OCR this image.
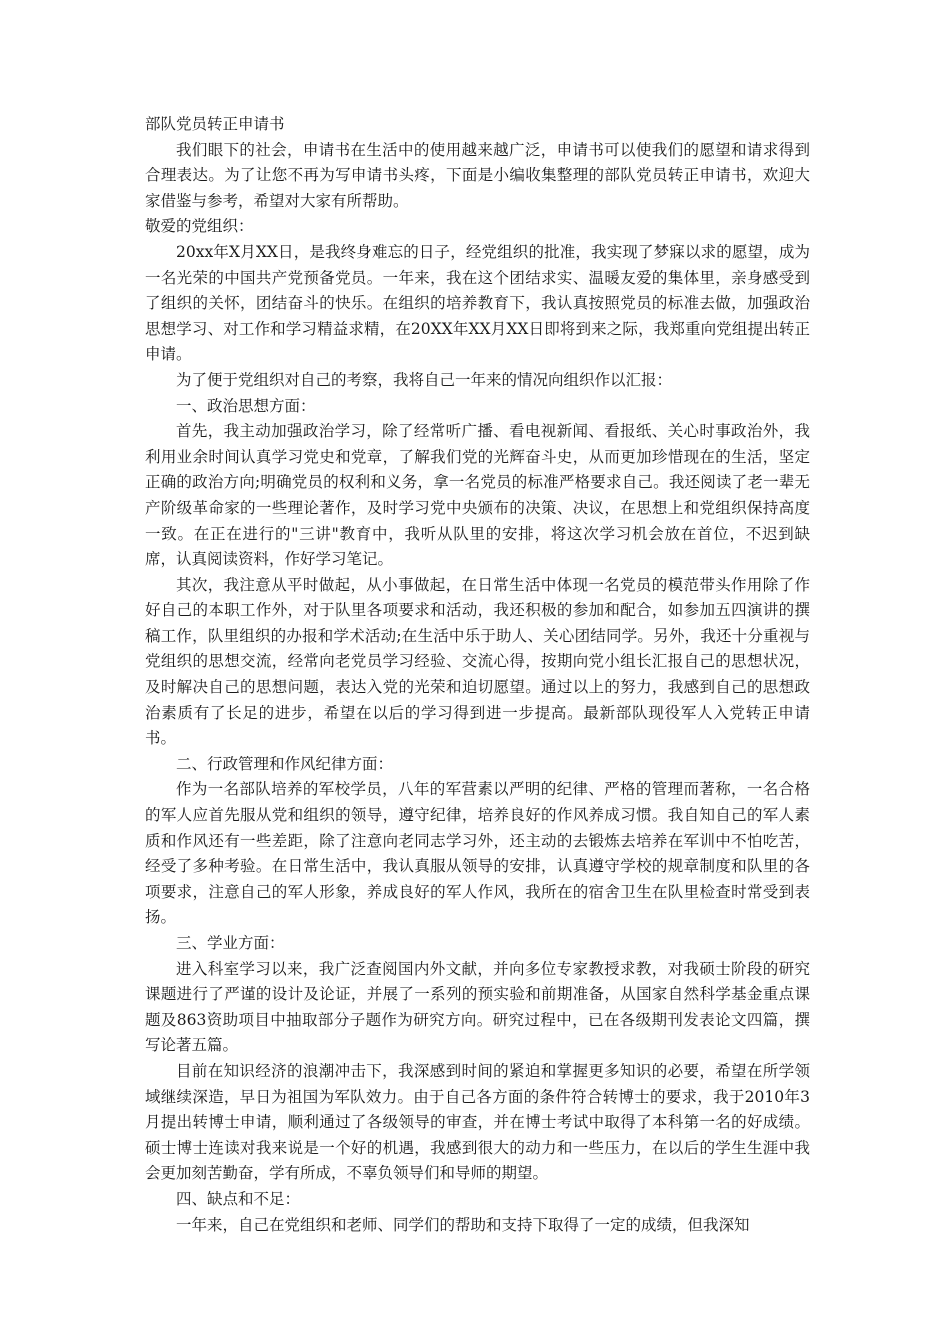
部队党员转正申请书

我们眼下的社会，申请书在生活中的使用越来越广泛，申请书可以使我们的愿望和请求得到合理表达。为了让您不再为写申请书头疼，下面是小编收集整理的部队党员转正申请书，欢迎大家借鉴与参考，希望对大家有所帮助。

敬爱的党组织：

20xx年X月XX日，是我终身难忘的日子，经党组织的批准，我实现了梦寐以求的愿望，成为一名光荣的中国共产党预备党员。一年来，我在这个团结求实、温暖友爱的集体里，亲身感受到了组织的关怀，团结奋斗的快乐。在组织的培养教育下，我认真按照党员的标准去做，加强政治思想学习、对工作和学习精益求精，在20XX年XX月XX日即将到来之际，我郑重向党组提出转正申请。

为了便于党组织对自己的考察，我将自己一年来的情况向组织作以汇报：

一、政治思想方面：

首先，我主动加强政治学习，除了经常听广播、看电视新闻、看报纸、关心时事政治外，我利用业余时间认真学习党史和党章，了解我们党的光辉奋斗史，从而更加珍惜现在的生活，坚定正确的政治方向;明确党员的权利和义务，拿一名党员的标准严格要求自己。我还阅读了老一辈无产阶级革命家的一些理论著作，及时学习党中央颁布的决策、决议，在思想上和党组织保持高度一致。在正在进行的"三讲"教育中，我听从队里的安排，将这次学习机会放在首位，不迟到缺席，认真阅读资料，作好学习笔记。

其次，我注意从平时做起，从小事做起，在日常生活中体现一名党员的模范带头作用除了作好自己的本职工作外，对于队里各项要求和活动，我还积极的参加和配合，如参加五四演讲的撰稿工作，队里组织的办报和学术活动;在生活中乐于助人、关心团结同学。另外，我还十分重视与党组织的思想交流，经常向老党员学习经验、交流心得，按期向党小组长汇报自己的思想状况，及时解决自己的思想问题，表达入党的光荣和迫切愿望。通过以上的努力，我感到自己的思想政治素质有了长足的进步，希望在以后的学习得到进一步提高。最新部队现役军人入党转正申请书。

二、行政管理和作风纪律方面：

作为一名部队培养的军校学员，八年的军营素以严明的纪律、严格的管理而著称，一名合格的军人应首先服从党和组织的领导，遵守纪律，培养良好的作风养成习惯。我自知自己的军人素质和作风还有一些差距，除了注意向老同志学习外，还主动的去锻炼去培养在军训中不怕吃苦，经受了多种考验。在日常生活中，我认真服从领导的安排，认真遵守学校的规章制度和队里的各项要求，注意自己的军人形象，养成良好的军人作风，我所在的宿舍卫生在队里检查时常受到表扬。

三、学业方面：

进入科室学习以来，我广泛查阅国内外文献，并向多位专家教授求教，对我硕士阶段的研究课题进行了严谨的设计及论证，并展了一系列的预实验和前期准备，从国家自然科学基金重点课题及863资助项目中抽取部分子题作为研究方向。研究过程中，已在各级期刊发表论文四篇，撰写论著五篇。

目前在知识经济的浪潮冲击下，我深感到时间的紧迫和掌握更多知识的必要，希望在所学领域继续深造，早日为祖国为军队效力。由于自己各方面的条件符合转博士的要求，我于2010年3月提出转博士申请，顺利通过了各级领导的审查，并在博士考试中取得了本科第一名的好成绩。硕士博士连读对我来说是一个好的机遇，我感到很大的动力和一些压力，在以后的学生生涯中我会更加刻苦勤奋，学有所成，不辜负领导们和导师的期望。

四、缺点和不足：

一年来，自己在党组织和老师、同学们的帮助和支持下取得了一定的成绩，但我深知
